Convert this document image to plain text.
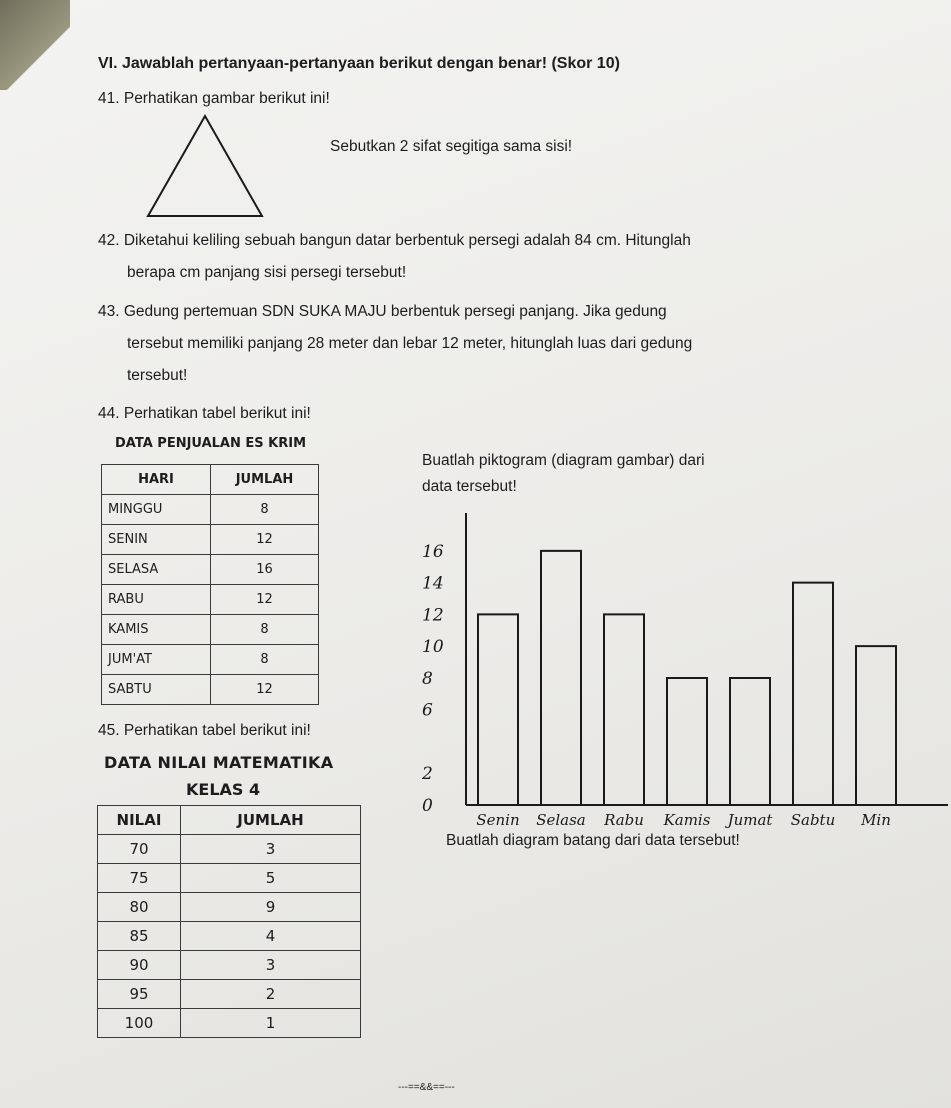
VI. Jawablah pertanyaan-pertanyaan berikut dengan benar! (Skor 10)
41. Perhatikan gambar berikut ini!
Sebutkan 2 sifat segitiga sama sisi!
42. Diketahui keliling sebuah bangun datar berbentuk persegi adalah 84 cm. Hitunglah
berapa cm panjang sisi persegi tersebut!
43. Gedung pertemuan SDN SUKA MAJU berbentuk persegi panjang. Jika gedung
tersebut memiliki panjang 28 meter dan lebar 12 meter, hitunglah luas dari gedung
tersebut!
44. Perhatikan tabel berikut ini!
DATA PENJUALAN ES KRIM
HARI	JUMLAH
MINGGU	8
SENIN	12
SELASA	16
RABU	12
KAMIS	8
JUM'AT	8
SABTU	12
Buatlah piktogram (diagram gambar) dari
data tersebut!
16
14
12
10
8
6
2
0
Senin Selasa Rabu Kamis Jumat Sabtu Min
45. Perhatikan tabel berikut ini!
DATA NILAI MATEMATIKA
KELAS 4
NILAI	JUMLAH
70	3
75	5
80	9
85	4
90	3
95	2
100	1
Buatlah diagram batang dari data tersebut!
---==&&==---
